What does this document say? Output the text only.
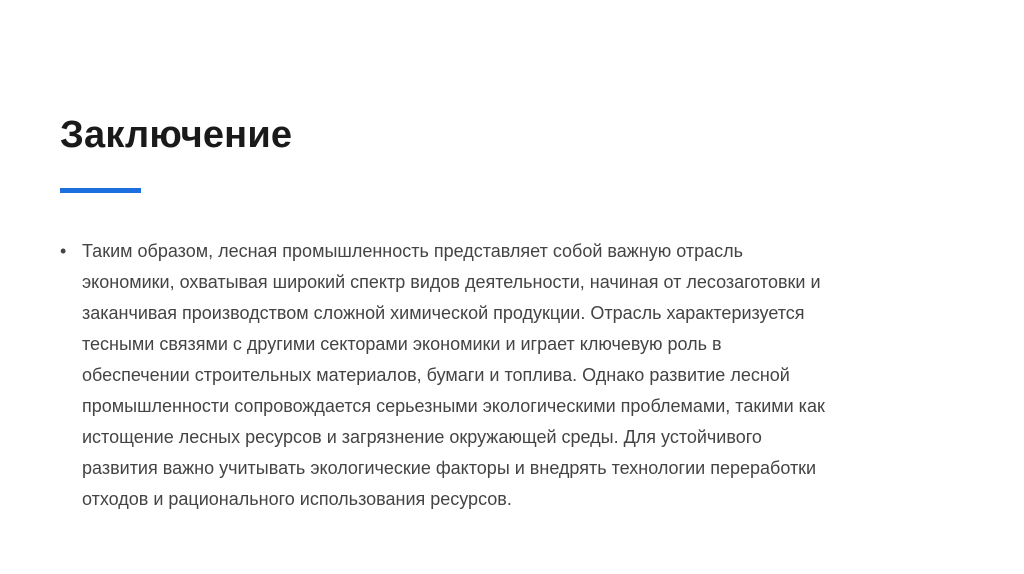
Заключение
• Таким образом, лесная промышленность представляет собой важную отрасль
экономики, охватывая широкий спектр видов деятельности, начиная от лесозаготовки и
заканчивая производством сложной химической продукции. Отрасль характеризуется
тесными связями с другими секторами экономики и играет ключевую роль в
обеспечении строительных материалов, бумаги и топлива. Однако развитие лесной
промышленности сопровождается серьезными экологическими проблемами, такими как
истощение лесных ресурсов и загрязнение окружающей среды. Для устойчивого
развития важно учитывать экологические факторы и внедрять технологии переработки
отходов и рационального использования ресурсов.
